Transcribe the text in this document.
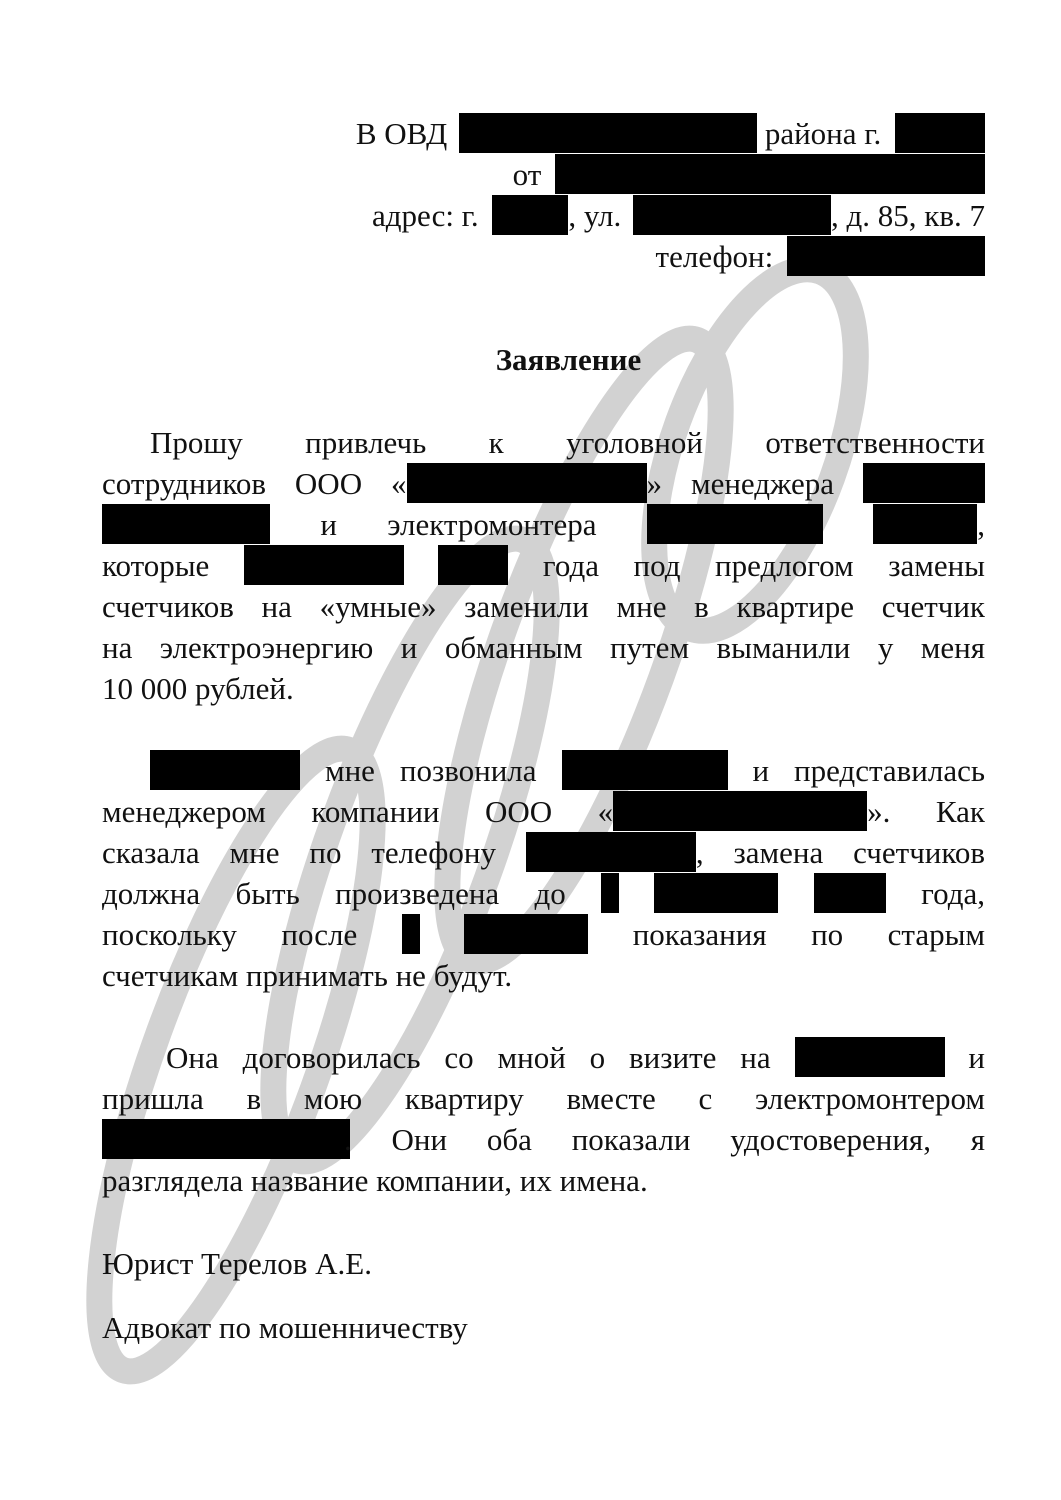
В ОВД	района г.
от
адрес: г.	, ул.	, д. 85, кв. 7
телефон:
Заявление
Прошу привлечь к уголовной ответственности
сотрудников ООО «	» менеджера
и электромонтера	,
которые	года под предлогом замены
счетчиков на «умные» заменили мне в квартире счетчик
на электроэнергию и обманным путем выманили у меня
10 000 рублей.
мне позвонила	и представилась
менеджером компании ООО «	». Как
сказала мне по телефону	, замена счетчиков
должна быть произведена до	года,
поскольку после	показания по старым
счетчикам принимать не будут.
Она договорилась со мной о визите на	и
пришла в мою квартиру вместе с электромонтером
. Они оба показали удостоверения, я
разглядела название компании, их имена.
Юрист Терелов А.Е.
Адвокат по мошенничеству
